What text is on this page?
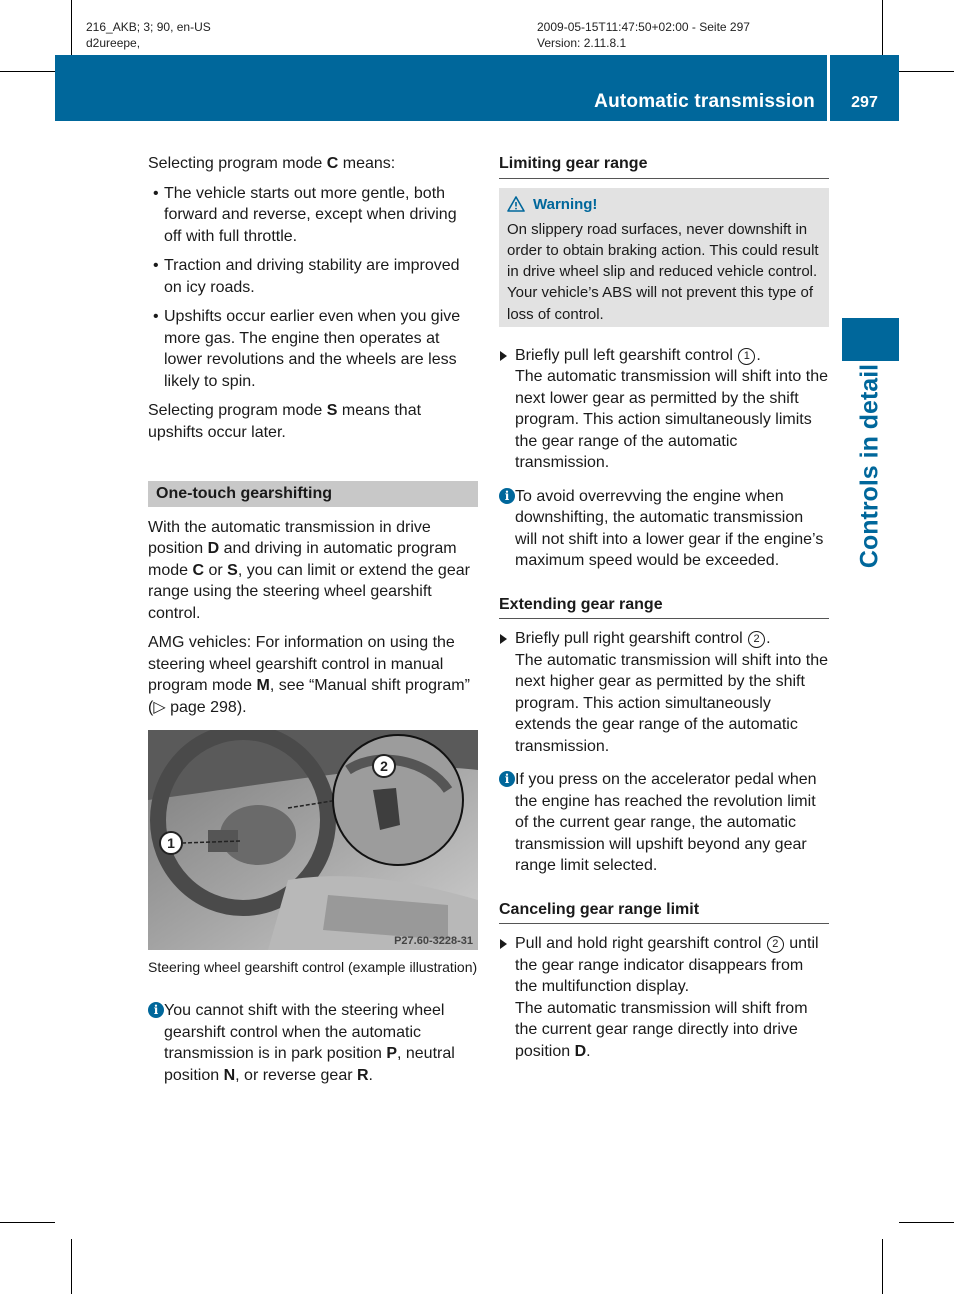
216_AKB; 3; 90, en-US
d2ureepe,
2009-05-15T11:47:50+02:00 - Seite 297
Version: 2.11.8.1
Automatic transmission	297
Controls in detail

Selecting program mode C means:

• The vehicle starts out more gentle, both forward and reverse, except when driving off with full throttle.
• Traction and driving stability are improved on icy roads.
• Upshifts occur earlier even when you give more gas. The engine then operates at lower revolutions and the wheels are less likely to spin.

Selecting program mode S means that upshifts occur later.

One-touch gearshifting

With the automatic transmission in drive position D and driving in automatic program mode C or S, you can limit or extend the gear range using the steering wheel gearshift control.

AMG vehicles: For information on using the steering wheel gearshift control in manual program mode M, see “Manual shift program” (▷ page 298).

2
1
P27.60-3228-31
Steering wheel gearshift control (example illustration)
i You cannot shift with the steering wheel gearshift control when the automatic transmission is in park position P, neutral position N, or reverse gear R.
Limiting gear range
Warning!

On slippery road surfaces, never downshift in order to obtain braking action. This could result in drive wheel slip and reduced vehicle control. Your vehicle’s ABS will not prevent this type of loss of control.

Briefly pull left gearshift control 1 .
The automatic transmission will shift into the next lower gear as permitted by the shift program. This action simultaneously limits the gear range of the automatic transmission.
i To avoid overrevving the engine when downshifting, the automatic transmission will not shift into a lower gear if the engine’s maximum speed would be exceeded.
Extending gear range
Briefly pull right gearshift control 2 .
The automatic transmission will shift into the next higher gear as permitted by the shift program. This action simultaneously extends the gear range of the automatic transmission.
i If you press on the accelerator pedal when the engine has reached the revolution limit of the current gear range, the automatic transmission will upshift beyond any gear range limit selected.
Canceling gear range limit
Pull and hold right gearshift control 2 until the gear range indicator disappears from the multifunction display.
The automatic transmission will shift from the current gear range directly into drive position D.
